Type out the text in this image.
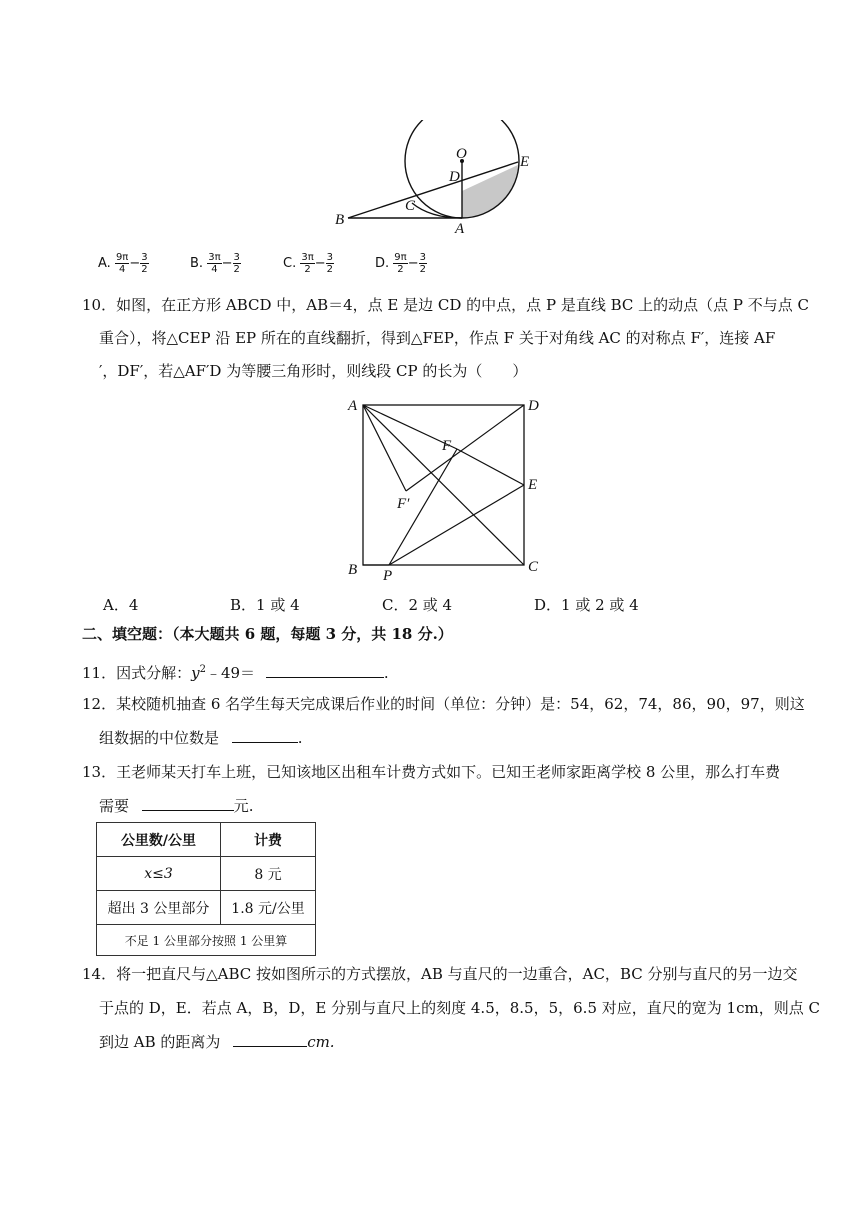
O
D
E
C
B
A
A. $\frac{9\pi}{4} - \frac{3}{2}$	B. $\frac{3\pi}{4} - \frac{3}{2}$	C. $\frac{3\pi}{2} - \frac{3}{2}$	D. $\frac{9\pi}{2} - \frac{3}{2}$
10．如图，在正方形 ABCD 中，AB＝4，点 E 是边 CD 的中点，点 P 是直线 BC 上的动点（点 P 不与点 C
重合），将△CEP 沿 EP 所在的直线翻折，得到△FEP，作点 F 关于对角线 AC 的对称点 F′，连接 AF
′，DF′，若△AF′D 为等腰三角形时，则线段 CP 的长为（　　）
A	D
F
F′
E
B P
C
A．4	B．1 或 4	C．2 或 4	D．1 或 2 或 4
二、填空题：（本大题共 6 题，每题 3 分，共 18 分.）
11．因式分解：$y^2﹣49=$	.
12．某校随机抽查 6 名学生每天完成课后作业的时间（单位：分钟）是：54，62，74，86，90，97，则这
组数据的中位数是	.
13．王老师某天打车上班，已知该地区出租车计费方式如下。已知王老师家距离学校 8 公里，那么打车费
需要	元.
公里数/公里	计费
x≤3	8 元
超出 3 公里部分	1.8 元/公里
不足 1 公里部分按照 1 公里算	
14．将一把直尺与△ABC 按如图所示的方式摆放，AB 与直尺的一边重合，AC，BC 分别与直尺的另一边交
于点的 D，E．若点 A，B，D，E 分别与直尺上的刻度 4.5，8.5，5，6.5 对应，直尺的宽为 1cm，则点 C
到边 AB 的距离为	cm.
